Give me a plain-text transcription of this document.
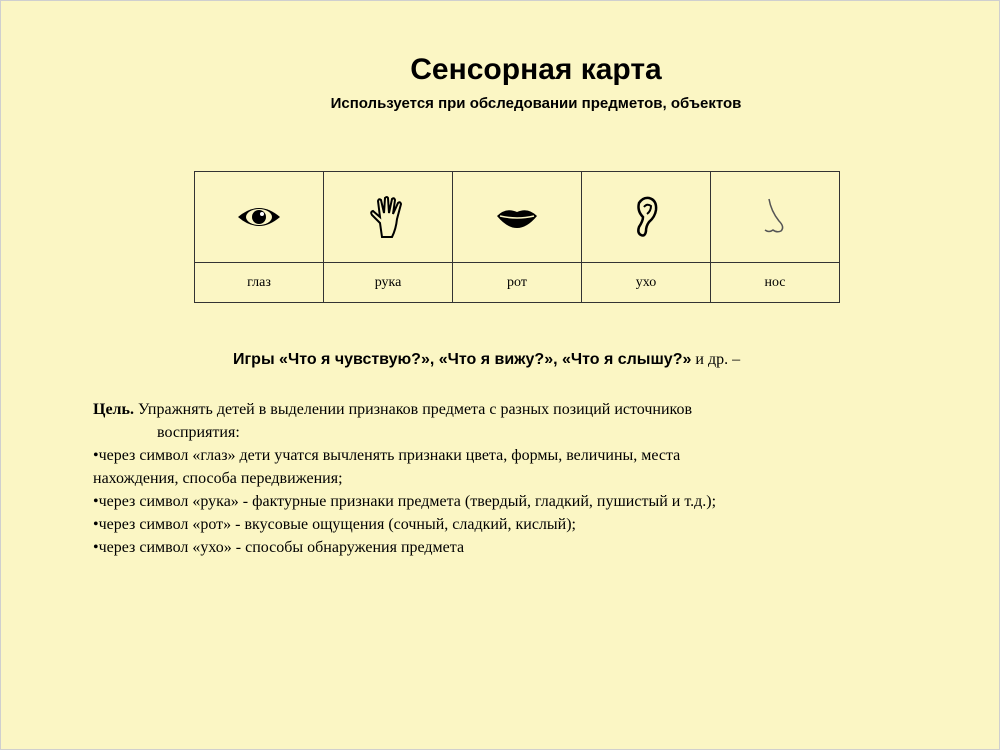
Сенсорная карта
Используется при обследовании предметов, объектов

глаз	рука	рот	ухо	нос
Игры «Что я чувствую?», «Что я вижу?», «Что я слышу?» и др. –

Цель. Упражнять детей в выделении признаков предмета с разных позиций источников

восприятия:

•через символ «глаз» дети учатся вычленять признаки цвета, формы, величины, места

нахождения, способа передвижения;

•через символ «рука» - фактурные признаки предмета (твердый, гладкий, пушистый и т.д.);

•через символ «рот» - вкусовые ощущения (сочный, сладкий, кислый);

•через символ «ухо» - способы обнаружения предмета
